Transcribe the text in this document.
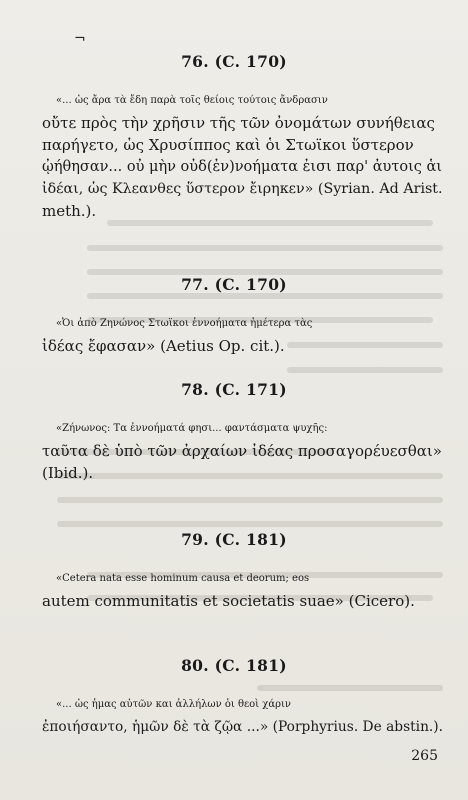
¬
76. (C. 170)

«... ὡς ἄρα τὰ ἔδη παρὰ τοῖς θείοις τούτοις ἄνδρασιν
οὔτε πρὸς τὴν χρῆσιν τῆς τῶν ὀνομάτων συνήθειας
παρήγετο, ὡς Χρυσίππος καὶ ὁι Στωϊκοι ὕστερον
ᾠήθησαν... οὐ μὴν οὐδ(ἐν)νοήματα ἐισι παρ' ἀυτοις ἁι
ἰδέαι, ὡς Κλεανθες ὕστερον ἔιρηκεν» (Syrian. Ad Arist.
meth.).

77. (C. 170)

«Ὀι ἀπὸ Ζηνώνος Στωϊκοι ἐννοήματα ἡμέτερα τὰς
ἰδέας ἔφασαν» (Aetius Op. cit.).

78. (C. 171)

«Ζήνωνος: Τα ἐννοήματά φησι... φαντάσματα ψυχῆς:
ταῦτα δὲ ὑπὸ τῶν ἀρχαίων ἰδέας προσαγορέυεσθαι»
(Ibid.).

79. (C. 181)

«Cetera nata esse hominum causa et deorum; eos
autem communitatis et societatis suae» (Cicero).

80. (C. 181)

«... ὡς ἡμας αὐτῶν και ἀλλήλων ὁι θεοὶ χάριν
ἐποιήσαντο, ἡμῶν δὲ τὰ ζῷα ...» (Porphyrius. De abstin.).

265
